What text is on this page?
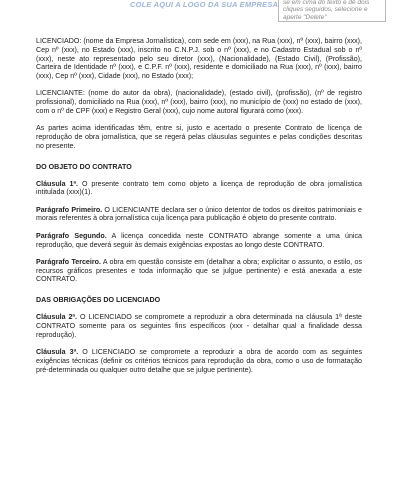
COLE AQUI A LOGO DA SUA EMPRESA se em cima do texto e dê dois cliques seguidos, selecione e aperte "Delete"

LICENCIADO: (nome da Empresa Jornalística), com sede em (xxx), na Rua (xxx), nº (xxx), bairro (xxx), Cep nº (xxx), no Estado (xxx), inscrito no C.N.P.J. sob o nº (xxx), e no Cadastro Estadual sob o nº (xxx), neste ato representado pelo seu diretor (xxx), (Nacionalidade), (Estado Civil), (Profissão), Carteira de Identidade nº (xxx), e C.P.F. nº (xxx), residente e domiciliado na Rua (xxx), nº (xxx), bairro (xxx), Cep nº (xxx), Cidade (xxx), no Estado (xxx);

LICENCIANTE: (nome do autor da obra), (nacionalidade), (estado civil), (profissão), (nº de registro profissional), domiciliado na Rua (xxx), nº (xxx), bairro (xxx), no município de (xxx) no estado de (xxx), com o nº de CPF (xxx) e Registro Geral (xxx), cujo nome autoral figurará como (xxx).

As partes acima identificadas têm, entre si, justo e acertado o presente Contrato de licença de reprodução de obra jornalística, que se regerá pelas cláusulas seguintes e pelas condições descritas no presente.

DO OBJETO DO CONTRATO

Cláusula 1ª. O presente contrato tem como objeto a licença de reprodução de obra jornalística intitulada (xxx)(1).

Parágrafo Primeiro. O LICENCIANTE declara ser o único detentor de todos os direitos patrimoniais e morais referentes à obra jornalística cuja licença para publicação é objeto do presente contrato.

Parágrafo Segundo. A licença concedida neste CONTRATO abrange somente a uma única reprodução, que deverá seguir às demais exigências expostas ao longo deste CONTRATO.

Parágrafo Terceiro. A obra em questão consiste em (detalhar a obra; explicitar o assunto, o estilo, os recursos gráficos presentes e toda informação que se julgue pertinente) e está anexada a este CONTRATO.

DAS OBRIGAÇÕES DO LICENCIADO

Cláusula 2ª. O LICENCIADO se compromete a reproduzir a obra determinada na cláusula 1ª deste CONTRATO somente para os seguintes fins específicos (xxx - detalhar qual a finalidade dessa reprodução).

Cláusula 3ª. O LICENCIADO se compromete a reproduzir a obra de acordo com as seguintes exigências técnicas (definir os critérios técnicos para reprodução da obra, como o uso de formatação pré-determinada ou qualquer outro detalhe que se julgue pertinente).
